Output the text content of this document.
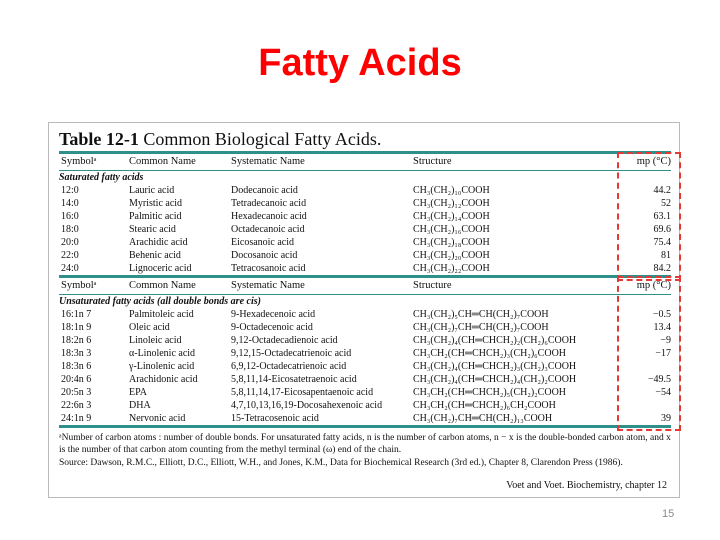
Fatty Acids
Table 12-1 Common Biological Fatty Acids.
Symbolᵃ	Common Name	Systematic Name	Structure	mp (°C)
Saturated fatty acids
12:0	Lauric acid	Dodecanoic acid	CH₃(CH₂)₁₀COOH	44.2
14:0	Myristic acid	Tetradecanoic acid	CH₃(CH₂)₁₂COOH	52
16:0	Palmitic acid	Hexadecanoic acid	CH₃(CH₂)₁₄COOH	63.1
18:0	Stearic acid	Octadecanoic acid	CH₃(CH₂)₁₆COOH	69.6
20:0	Arachidic acid	Eicosanoic acid	CH₃(CH₂)₁₈COOH	75.4
22:0	Behenic acid	Docosanoic acid	CH₃(CH₂)₂₀COOH	81
24:0	Lignoceric acid	Tetracosanoic acid	CH₃(CH₂)₂₂COOH	84.2
Symbolᵃ	Common Name	Systematic Name	Structure	mp (°C)
Unsaturated fatty acids (all double bonds are cis)
16:1n 7	Palmitoleic acid	9-Hexadecenoic acid	CH₃(CH₂)₅CH═CH(CH₂)₇COOH	−0.5
18:1n 9	Oleic acid	9-Octadecenoic acid	CH₃(CH₂)₇CH═CH(CH₂)₇COOH	13.4
18:2n 6	Linoleic acid	9,12-Octadecadienoic acid	CH₃(CH₂)₄(CH═CHCH₂)₂(CH₂)₆COOH	−9
18:3n 3	α-Linolenic acid	9,12,15-Octadecatrienoic acid	CH₃CH₂(CH═CHCH₂)₃(CH₂)₆COOH	−17
18:3n 6	γ-Linolenic acid	6,9,12-Octadecatrienoic acid	CH₃(CH₂)₄(CH═CHCH₂)₃(CH₂)₃COOH
20:4n 6	Arachidonic acid	5,8,11,14-Eicosatetraenoic acid	CH₃(CH₂)₄(CH═CHCH₂)₄(CH₂)₂COOH	−49.5
20:5n 3	EPA	5,8,11,14,17-Eicosapentaenoic acid	CH₃CH₂(CH═CHCH₂)₅(CH₂)₂COOH	−54
22:6n 3	DHA	4,7,10,13,16,19-Docosahexenoic acid	CH₃CH₂(CH═CHCH₂)₆CH₂COOH
24:1n 9	Nervonic acid	15-Tetracosenoic acid	CH₃(CH₂)₇CH═CH(CH₂)₁₃COOH	39
ᵃNumber of carbon atoms : number of double bonds. For unsaturated fatty acids, n is the number of carbon atoms, n − x is the double-bonded carbon atom, and x is the number of that carbon atom counting from the methyl terminal (ω) end of the chain.
Source: Dawson, R.M.C., Elliott, D.C., Elliott, W.H., and Jones, K.M., Data for Biochemical Research (3rd ed.), Chapter 8, Clarendon Press (1986).
Voet and Voet. Biochemistry, chapter 12
15
